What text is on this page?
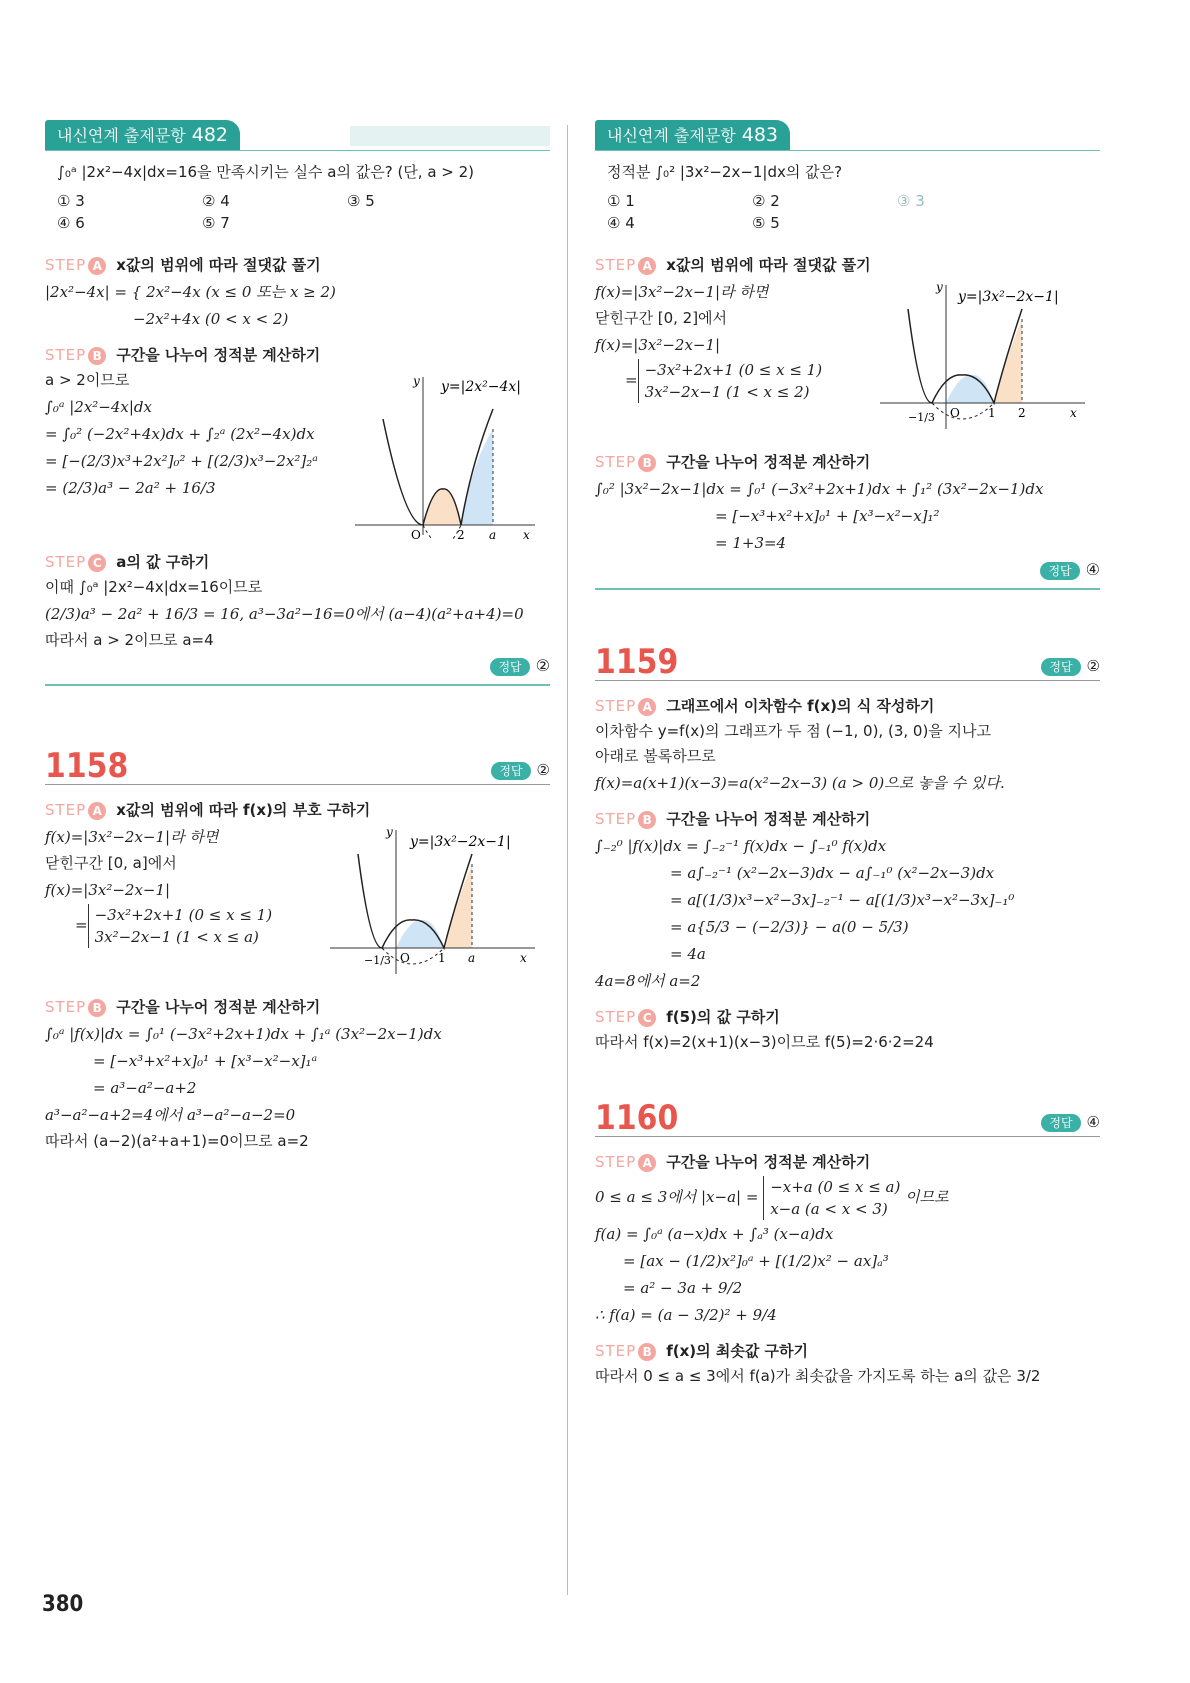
내신연계 출제문항 482
∫₀ᵃ |2x²−4x|dx=16을 만족시키는 실수 a의 값은? (단, a > 2)
① 3	② 4	③ 5
④ 6	⑤ 7
STEP A x값의 범위에 따라 절댓값 풀기
|2x²−4x| = { 2x²−4x (x ≤ 0 또는 x ≥ 2)
−2x²+4x (0 < x < 2)
STEP B 구간을 나누어 정적분 계산하기
a > 2이므로
∫₀ᵃ |2x²−4x|dx
= ∫₀² (−2x²+4x)dx + ∫₂ᵃ (2x²−4x)dx
= [−(2/3)x³+2x²]₀² + [(2/3)x³−2x²]₂ᵃ
= (2/3)a³ − 2a² + 16/3
y y=|2x²−4x|
O	2 a x
STEP C a의 값 구하기
이때 ∫₀ᵃ |2x²−4x|dx=16이므로
(2/3)a³ − 2a² + 16/3 = 16, a³−3a²−16=0에서 (a−4)(a²+a+4)=0
따라서 a > 2이므로 a=4
정답 ②
1158	정답 ②
STEP A x값의 범위에 따라 f(x)의 부호 구하기
f(x)=|3x²−2x−1|라 하면
닫힌구간 [0, a]에서
f(x)=|3x²−2x−1|
=−3x²+2x+1 (0 ≤ x ≤ 1)
3x²−2x−1 (1 < x ≤ a)
y
y=|3x²−2x−1|
−1/3 O 1 a	x
STEP B 구간을 나누어 정적분 계산하기
∫₀ᵃ |f(x)|dx = ∫₀¹ (−3x²+2x+1)dx + ∫₁ᵃ (3x²−2x−1)dx
= [−x³+x²+x]₀¹ + [x³−x²−x]₁ᵃ
= a³−a²−a+2
a³−a²−a+2=4에서 a³−a²−a−2=0
따라서 (a−2)(a²+a+1)=0이므로 a=2
내신연계 출제문항 483
정적분 ∫₀² |3x²−2x−1|dx의 값은?
① 1	② 2	③ 3
④ 4	⑤ 5
STEP A x값의 범위에 따라 절댓값 풀기
f(x)=|3x²−2x−1|라 하면
닫힌구간 [0, 2]에서
f(x)=|3x²−2x−1|
=−3x²+2x+1 (0 ≤ x ≤ 1)
3x²−2x−1 (1 < x ≤ 2)
y
y=|3x²−2x−1|
−1/3 O 1 2	x
STEP B 구간을 나누어 정적분 계산하기
∫₀² |3x²−2x−1|dx = ∫₀¹ (−3x²+2x+1)dx + ∫₁² (3x²−2x−1)dx
= [−x³+x²+x]₀¹ + [x³−x²−x]₁²
= 1+3=4
정답 ④
1159	정답 ②
STEP A 그래프에서 이차함수 f(x)의 식 작성하기
이차함수 y=f(x)의 그래프가 두 점 (−1, 0), (3, 0)을 지나고
아래로 볼록하므로
f(x)=a(x+1)(x−3)=a(x²−2x−3) (a > 0)으로 놓을 수 있다.
STEP B 구간을 나누어 정적분 계산하기
∫₋₂⁰ |f(x)|dx = ∫₋₂⁻¹ f(x)dx − ∫₋₁⁰ f(x)dx
= a∫₋₂⁻¹ (x²−2x−3)dx − a∫₋₁⁰ (x²−2x−3)dx
= a[(1/3)x³−x²−3x]₋₂⁻¹ − a[(1/3)x³−x²−3x]₋₁⁰
= a{5/3 − (−2/3)} − a(0 − 5/3)
= 4a
4a=8에서 a=2
STEP C f(5)의 값 구하기
따라서 f(x)=2(x+1)(x−3)이므로 f(5)=2·6·2=24
1160	정답 ④
STEP A 구간을 나누어 정적분 계산하기
0 ≤ a ≤ 3에서 |x−a| = −x+a (0 ≤ x ≤ a)
x−a (a < x < 3) 이므로
f(a) = ∫₀ᵃ (a−x)dx + ∫ₐ³ (x−a)dx
= [ax − (1/2)x²]₀ᵃ + [(1/2)x² − ax]ₐ³
= a² − 3a + 9/2
∴ f(a) = (a − 3/2)² + 9/4
STEP B f(x)의 최솟값 구하기
따라서 0 ≤ a ≤ 3에서 f(a)가 최솟값을 가지도록 하는 a의 값은 3/2
380
